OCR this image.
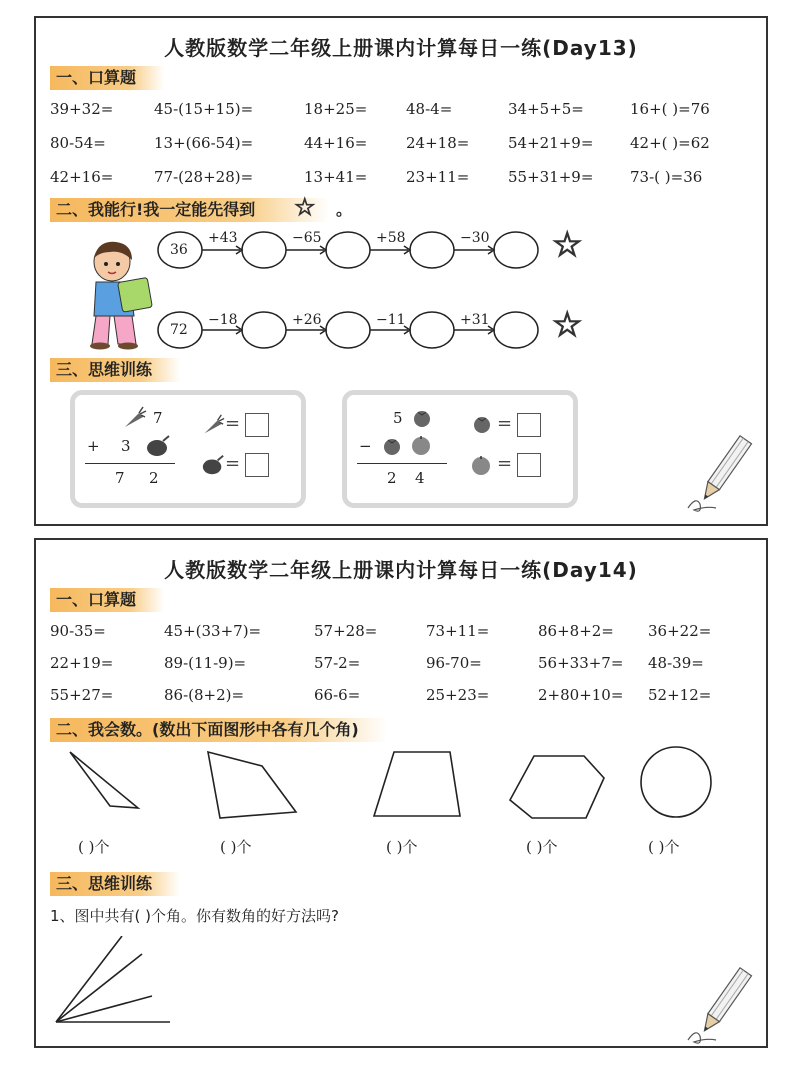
人教版数学二年级上册课内计算每日一练(Day13)
一、口算题
39+32=	45-(15+15)=	18+25=	48-4=	34+5+5=	16+( )=76
80-54=	13+(66-54)=	44+16=	24+18=	54+21+9= 42+( )=62
42+16=	77-(28+28)=	13+41=	23+11=	55+31+9= 73-( )=36
二、我能行!我一定能先得到 ☆ 。
36
+43	−65	+58	−30 ☆
72
−18	+26	−11	+31 ☆
三、思维训练
7
+ 3
7 2
=
=
5
−
2 4
=
=
人教版数学二年级上册课内计算每日一练(Day14)
一、口算题
90-35=	45+(33+7)=	57+28=	73+11=	86+8+2= 36+22=
22+19=	89-(11-9)=	57-2=	96-70=	56+33+7= 48-39=
55+27=	86-(8+2)=	66-6=	25+23=	2+80+10= 52+12=
二、我会数。(数出下面图形中各有几个角)
( )个	( )个	( )个	( )个	( )个
三、思维训练
1、图中共有( )个角。你有数角的好方法吗?
